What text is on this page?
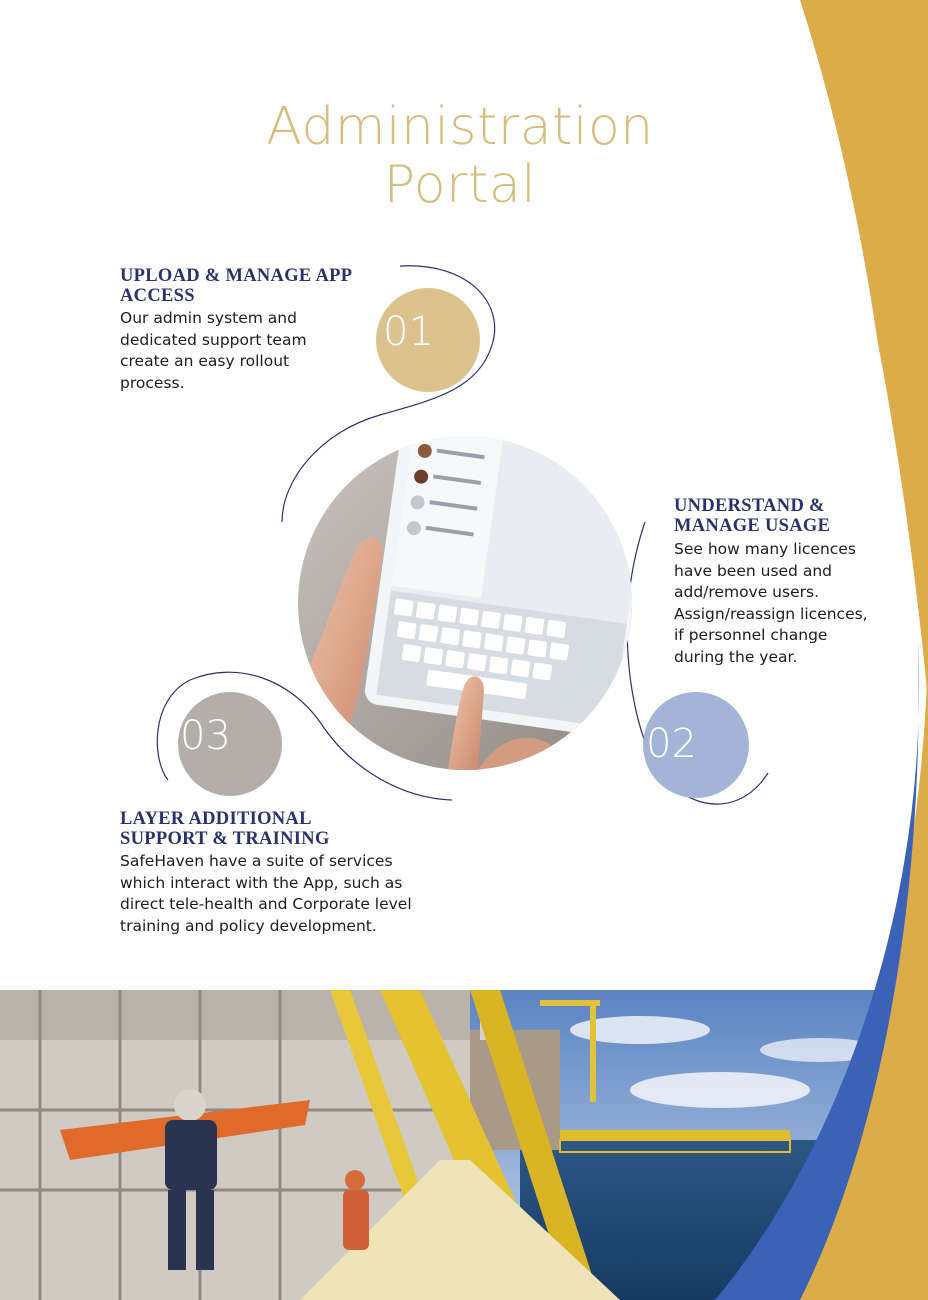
Administration
Portal
01
UPLOAD & MANAGE APP
ACCESS
Our admin system and
dedicated support team
create an easy rollout
process.
02
UNDERSTAND &
MANAGE USAGE
See how many licences
have been used and
add/remove users.
Assign/reassign licences,
if personnel change
during the year.
03
LAYER ADDITIONAL
SUPPORT & TRAINING
SafeHaven have a suite of services
which interact with the App, such as
direct tele-health and Corporate level
training and policy development.
